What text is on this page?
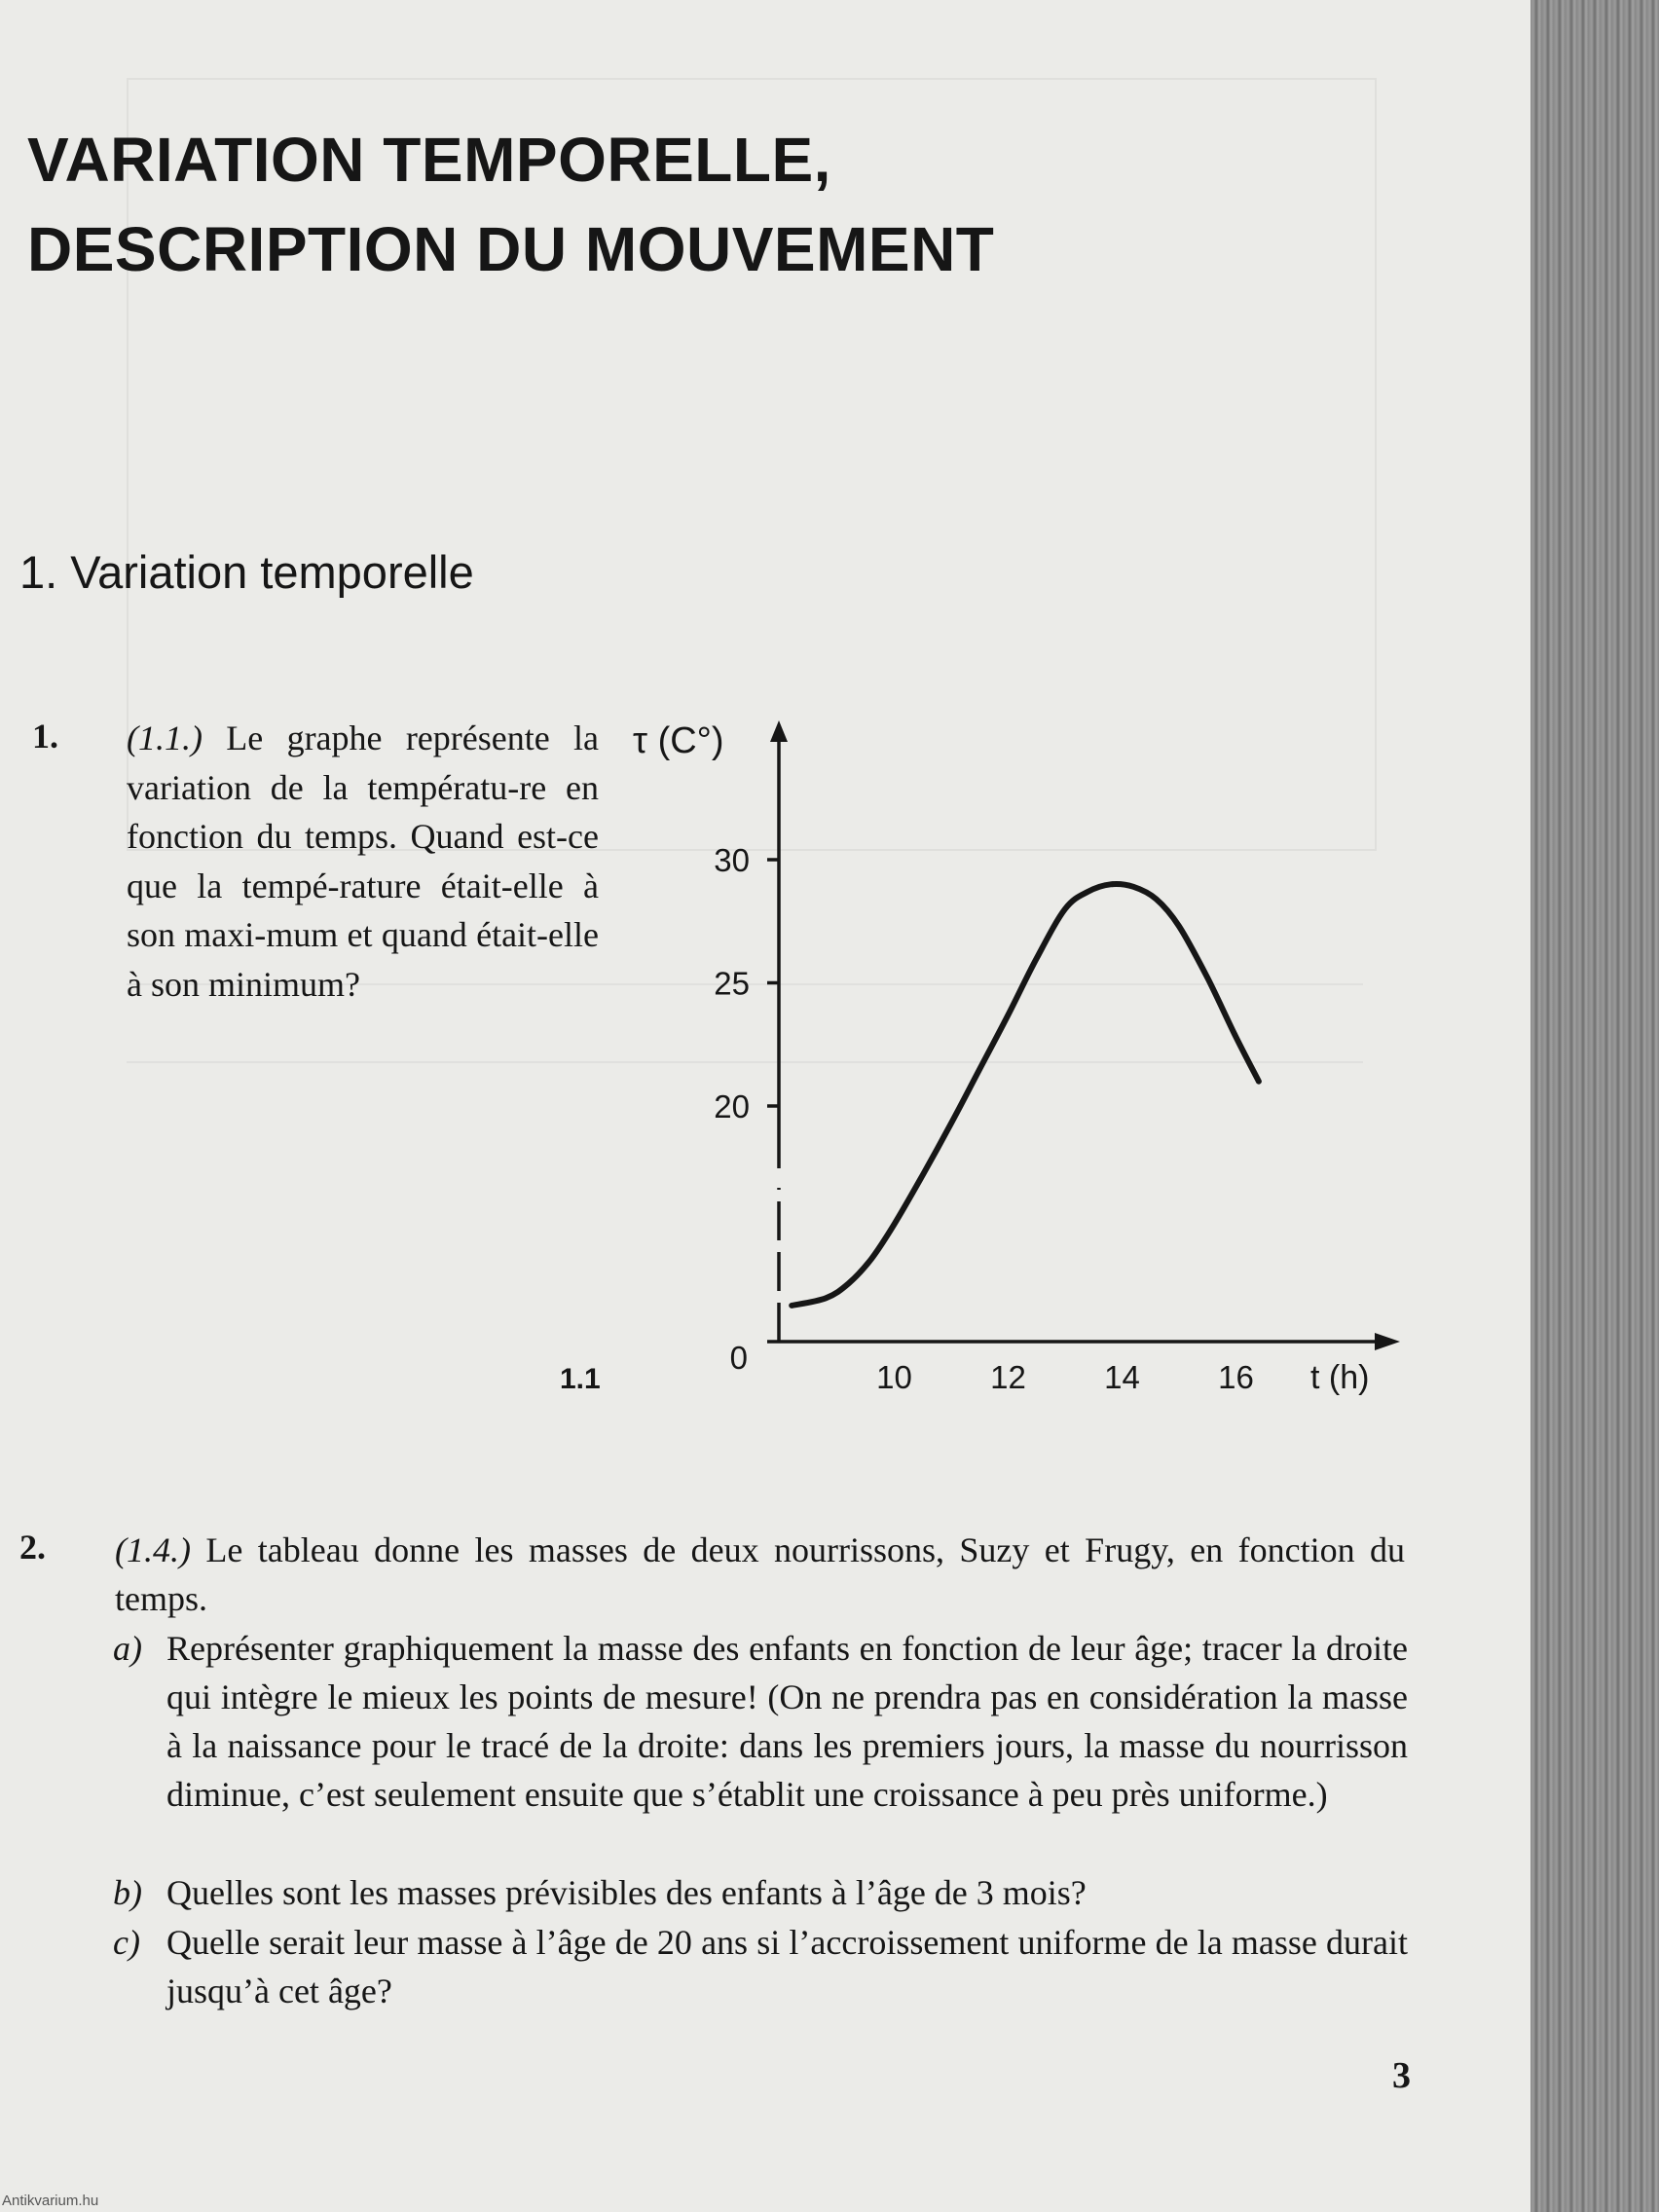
VARIATION TEMPORELLE,
DESCRIPTION DU MOUVEMENT
1. Variation temporelle
1. (1.1.) Le graphe représente la variation de la températu-re en fonction du temps. Quand est-ce que la tempé-rature était-elle à son maxi-mum et quand était-elle à son minimum?
0
20
25
30
10 12 14 16
τ (C°)
t (h)
1.1
2. (1.4.) Le tableau donne les masses de deux nourrissons, Suzy et Frugy, en fonction du temps.
a) Représenter graphiquement la masse des enfants en fonction de leur âge; tracer la droite qui intègre le mieux les points de mesure! (On ne prendra pas en considération la masse à la naissance pour le tracé de la droite: dans les premiers jours, la masse du nourrisson diminue, c’est seulement ensuite que s’établit une croissance à peu près uniforme.)
b) Quelles sont les masses prévisibles des enfants à l’âge de 3 mois?
c) Quelle serait leur masse à l’âge de 20 ans si l’accroissement uniforme de la masse durait jusqu’à cet âge?
3
Antikvarium.hu
